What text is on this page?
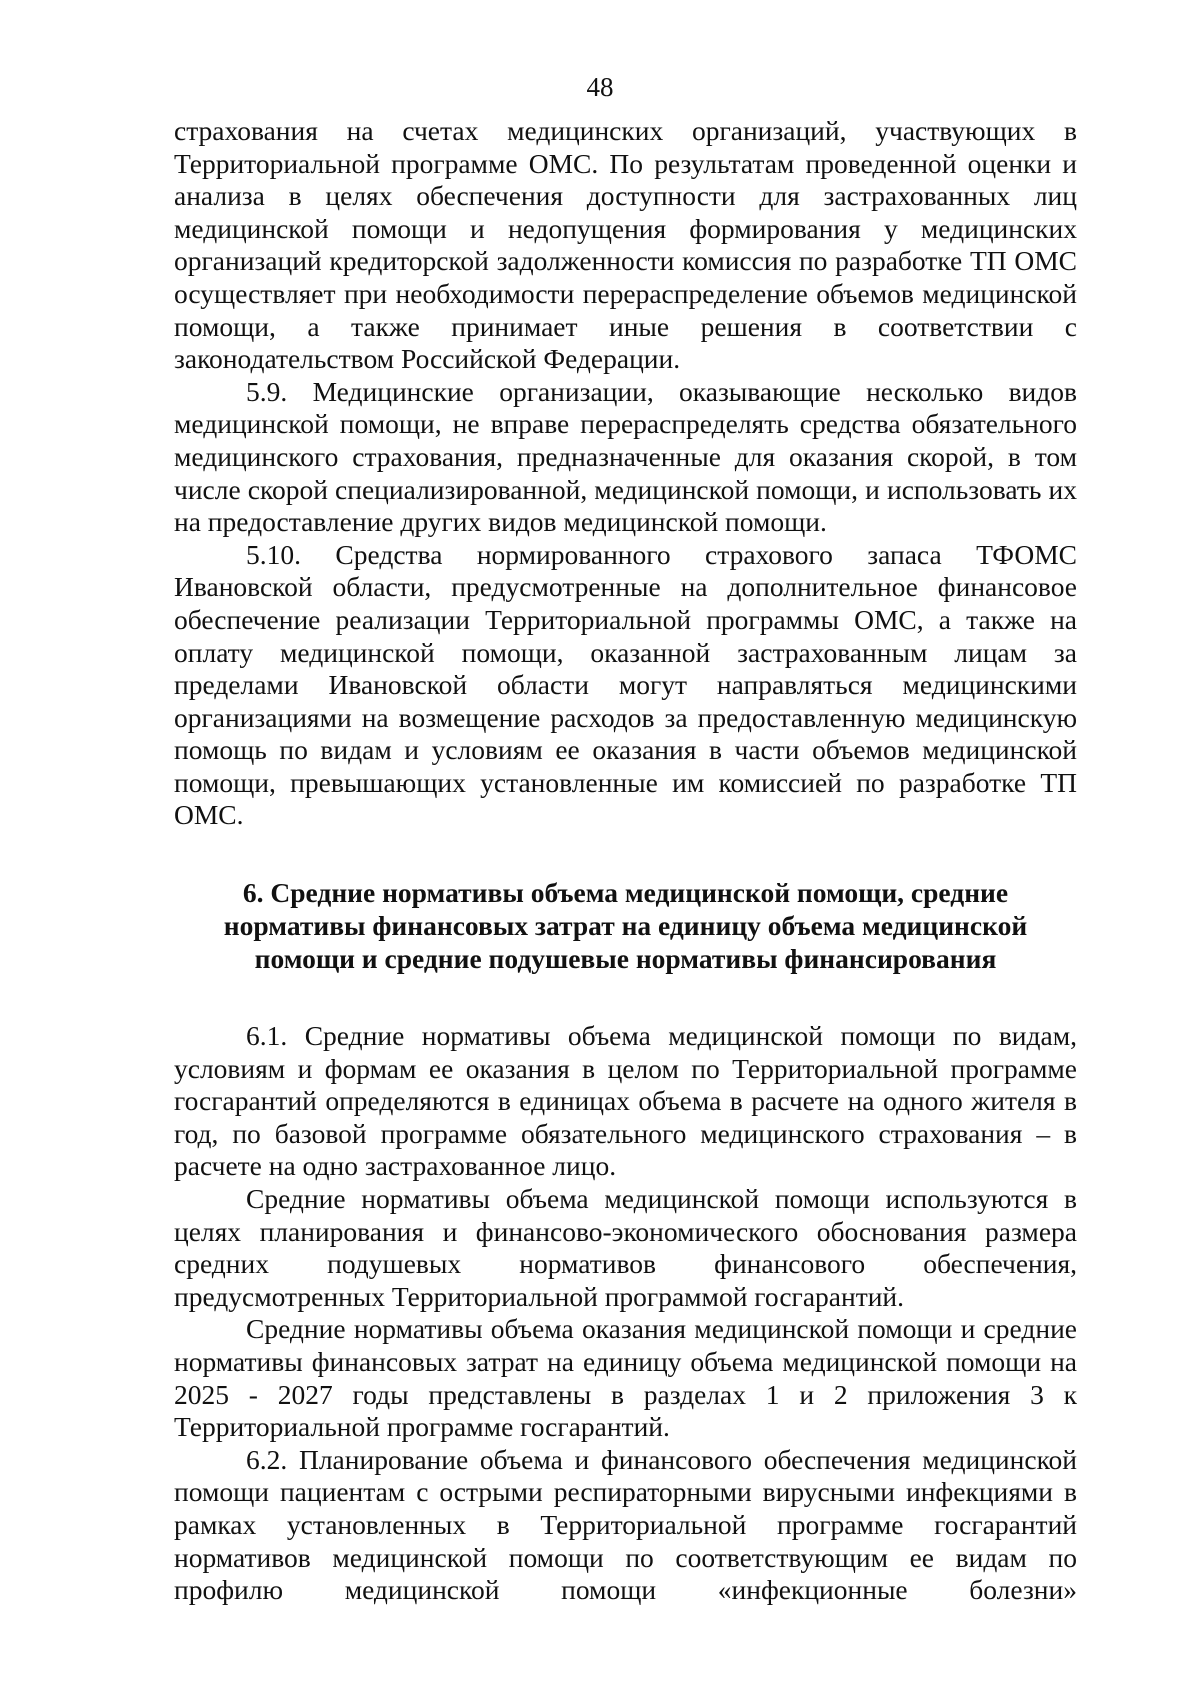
48

страхования на счетах медицинских организаций, участвующих в Территориальной программе ОМС. По результатам проведенной оценки и анализа в целях обеспечения доступности для застрахованных лиц медицинской помощи и недопущения формирования у медицинских организаций кредиторской задолженности комиссия по разработке ТП ОМС осуществляет при необходимости перераспределение объемов медицинской помощи, а также принимает иные решения в соответствии с законодательством Российской Федерации.

5.9. Медицинские организации, оказывающие несколько видов медицинской помощи, не вправе перераспределять средства обязательного медицинского страхования, предназначенные для оказания скорой, в том числе скорой специализированной, медицинской помощи, и использовать их на предоставление других видов медицинской помощи.

5.10. Средства нормированного страхового запаса ТФОМС Ивановской области, предусмотренные на дополнительное финансовое обеспечение реализации Территориальной программы ОМС, а также на оплату медицинской помощи, оказанной застрахованным лицам за пределами Ивановской области могут направляться медицинскими организациями на возмещение расходов за предоставленную медицинскую помощь по видам и условиям ее оказания в части объемов медицинской помощи, превышающих установленные им комиссией по разработке ТП ОМС.

6. Средние нормативы объема медицинской помощи, средние нормативы финансовых затрат на единицу объема медицинской помощи и средние подушевые нормативы финансирования

6.1. Средние нормативы объема медицинской помощи по видам, условиям и формам ее оказания в целом по Территориальной программе госгарантий определяются в единицах объема в расчете на одного жителя в год, по базовой программе обязательного медицинского страхования – в расчете на одно застрахованное лицо.

Средние нормативы объема медицинской помощи используются в целях планирования и финансово-экономического обоснования размера средних подушевых нормативов финансового обеспечения, предусмотренных Территориальной программой госгарантий.

Средние нормативы объема оказания медицинской помощи и средние нормативы финансовых затрат на единицу объема медицинской помощи на 2025 - 2027 годы представлены в разделах 1 и 2 приложения 3 к Территориальной программе госгарантий.

6.2. Планирование объема и финансового обеспечения медицинской помощи пациентам с острыми респираторными вирусными инфекциями в рамках установленных в Территориальной программе госгарантий нормативов медицинской помощи по соответствующим ее видам по профилю медицинской помощи «инфекционные болезни»
